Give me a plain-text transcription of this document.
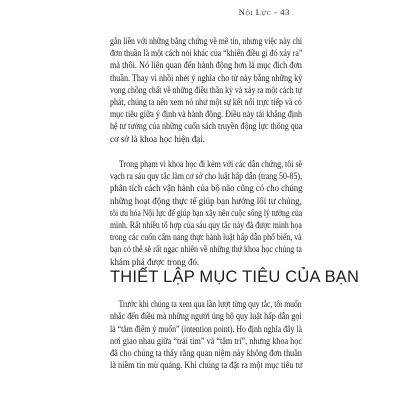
Nội Lực - 43
gắn liền với những bằng chứng về mê tín, nhưng việc này chỉ
đơn thuần là một cách nói khác của “khiến điều gì đó xảy ra”
mà thôi. Nó liên quan đến hành động hơn là mục đích đơn
thuần. Thay vì nhồi nhét ý nghĩa cho từ này bằng những kỳ
vọng chồng chất về những điều thần kỳ và xảy ra một cách tự
phát, chúng ta nên xem nó như một sự kết nối trực tiếp và có
mục tiêu giữa ý định và hành động. Điều này tái khẳng định
hệ tư tưởng của những cuốn sách truyền động lực thông qua
cơ sở là khoa học hiện đại.
Trong phạm vi khoa học đi kèm với các dẫn chứng, tôi sẽ
vạch ra sáu quy tắc làm cơ sở cho luật hấp dẫn (trang 50-85),
phân tích cách vận hành của bộ não cũng có cho chúng
những hoạt động thực tế giúp bạn hướng lối tư chủng,
tôi ưu hóa Nội lực để giúp bạn xây nên cuộc sống lý tưởng của
mình. Rất nhiều tổ hợp của sáu quy tắc này đã được minh họa
trong các cuốn cẩm nang thực hành luật hấp dẫn phổ biến, và
bạn có thể sẽ rất ngạc nhiên về những thứ khoa học chúng ta
khám phá được trong đó.
THIẾT LẬP MỤC TIÊU CỦA BẠN
Trước khi chúng ta xem qua lần lượt từng quy tắc, tôi muốn
nhắc đến điều mà những người ủng hộ quy luật hấp dẫn gọi
là “tâm điểm ý muốn” (intention point). Họ định nghĩa đây là
nơi giao nhau giữa “trái tim” và “tâm trí”, nhưng khoa học
đã cho chúng ta thấy rằng quan niệm này không đơn thuần
là niềm tin mù quáng. Khi chúng ta đặt ra một mục tiêu tư
